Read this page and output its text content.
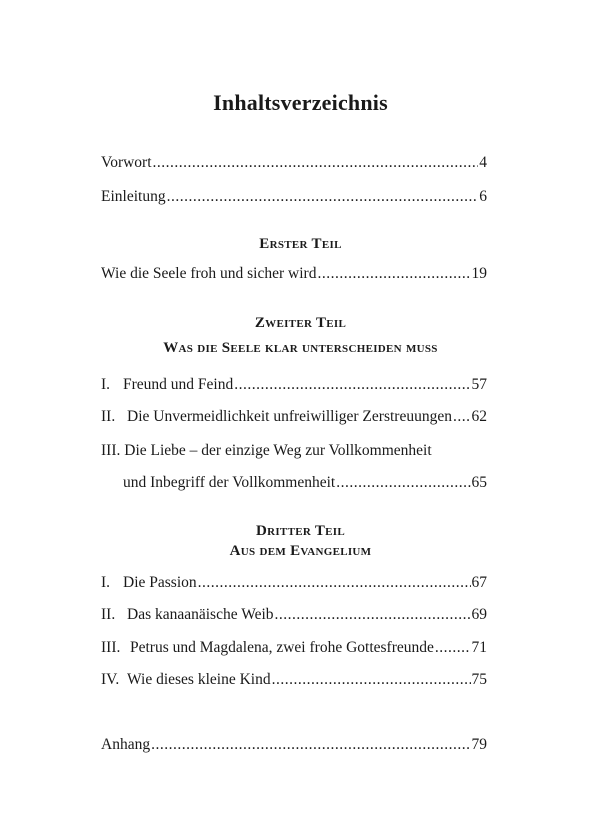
Inhaltsverzeichnis
Vorwort .....	4
Einleitung .....	6
Erster Teil
Wie die Seele froh und sicher wird .....	19
Zweiter Teil
Was die Seele klar unterscheiden muss
I. Freund und Feind .....	57
II. Die Unvermeidlichkeit unfreiwilliger Zerstreuungen ..... 62
III. Die Liebe – der einzige Weg zur Vollkommenheit
und Inbegriff der Vollkommenheit .....	65
Dritter Teil
Aus dem Evangelium
I. Die Passion .....	67
II. Das kanaanäische Weib .....	69
III. Petrus und Magdalena, zwei frohe Gottesfreunde ..... 71
IV. Wie dieses kleine Kind .....	75
Anhang .....	79
